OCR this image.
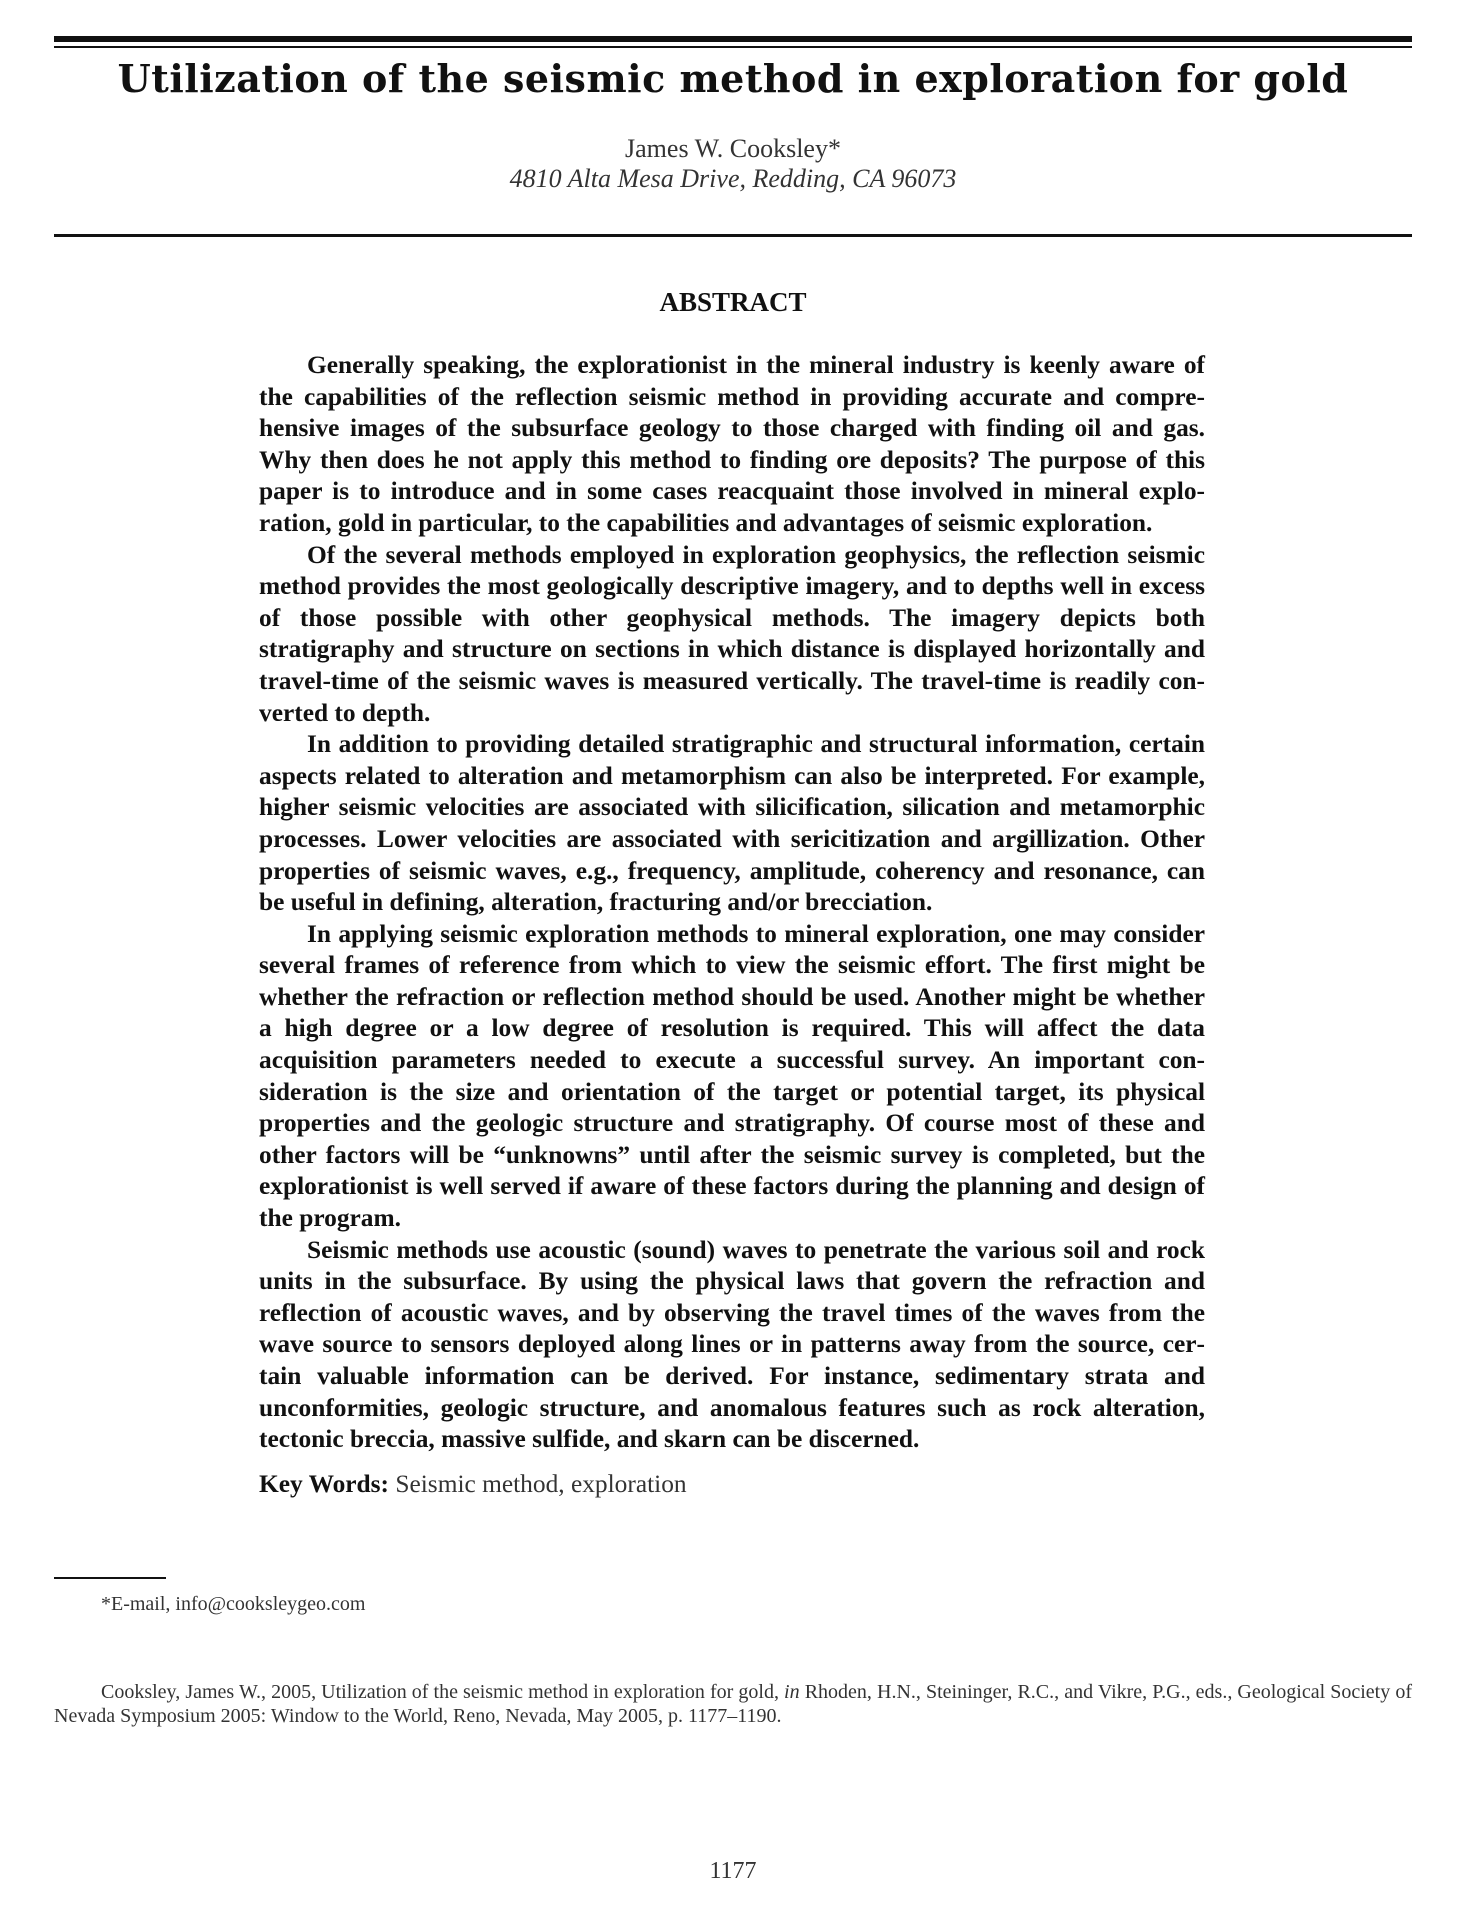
Utilization of the seismic method in exploration for gold
James W. Cooksley*
4810 Alta Mesa Drive, Redding, CA 96073
ABSTRACT

Generally speaking, the explorationist in the mineral industry is keenly aware of the capabilities of the reflection seismic method in providing accurate and comprehensive images of the subsurface geology to those charged with finding oil and gas. Why then does he not apply this method to finding ore deposits? The purpose of this paper is to introduce and in some cases reacquaint those involved in mineral exploration, gold in particular, to the capabilities and advantages of seismic exploration.

Of the several methods employed in exploration geophysics, the reflection seismic method provides the most geologically descriptive imagery, and to depths well in excess of those possible with other geophysical methods. The imagery depicts both stratigraphy and structure on sections in which distance is displayed horizontally and travel-time of the seismic waves is measured vertically. The travel-time is readily converted to depth.

In addition to providing detailed stratigraphic and structural information, certain aspects related to alteration and metamorphism can also be interpreted. For example, higher seismic velocities are associated with silicification, silication and metamorphic processes. Lower velocities are associated with sericitization and argillization. Other properties of seismic waves, e.g., frequency, amplitude, coherency and resonance, can be useful in defining, alteration, fracturing and/or brecciation.

In applying seismic exploration methods to mineral exploration, one may consider several frames of reference from which to view the seismic effort. The first might be whether the refraction or reflection method should be used. Another might be whether a high degree or a low degree of resolution is required. This will affect the data acquisition parameters needed to execute a successful survey. An important consideration is the size and orientation of the target or potential target, its physical properties and the geologic structure and stratigraphy. Of course most of these and other factors will be “unknowns” until after the seismic survey is completed, but the explorationist is well served if aware of these factors during the planning and design of the program.

Seismic methods use acoustic (sound) waves to penetrate the various soil and rock units in the subsurface. By using the physical laws that govern the refraction and reflection of acoustic waves, and by observing the travel times of the waves from the wave source to sensors deployed along lines or in patterns away from the source, certain valuable information can be derived. For instance, sedimentary strata and unconformities, geologic structure, and anomalous features such as rock alteration, tectonic breccia, massive sulfide, and skarn can be discerned.

Key Words: Seismic method, exploration
*E-mail, info@cooksleygeo.com
Cooksley, James W., 2005, Utilization of the seismic method in exploration for gold, in Rhoden, H.N., Steininger, R.C., and Vikre, P.G., eds., Geological Society of Nevada Symposium 2005: Window to the World, Reno, Nevada, May 2005, p. 1177–1190.
1177
